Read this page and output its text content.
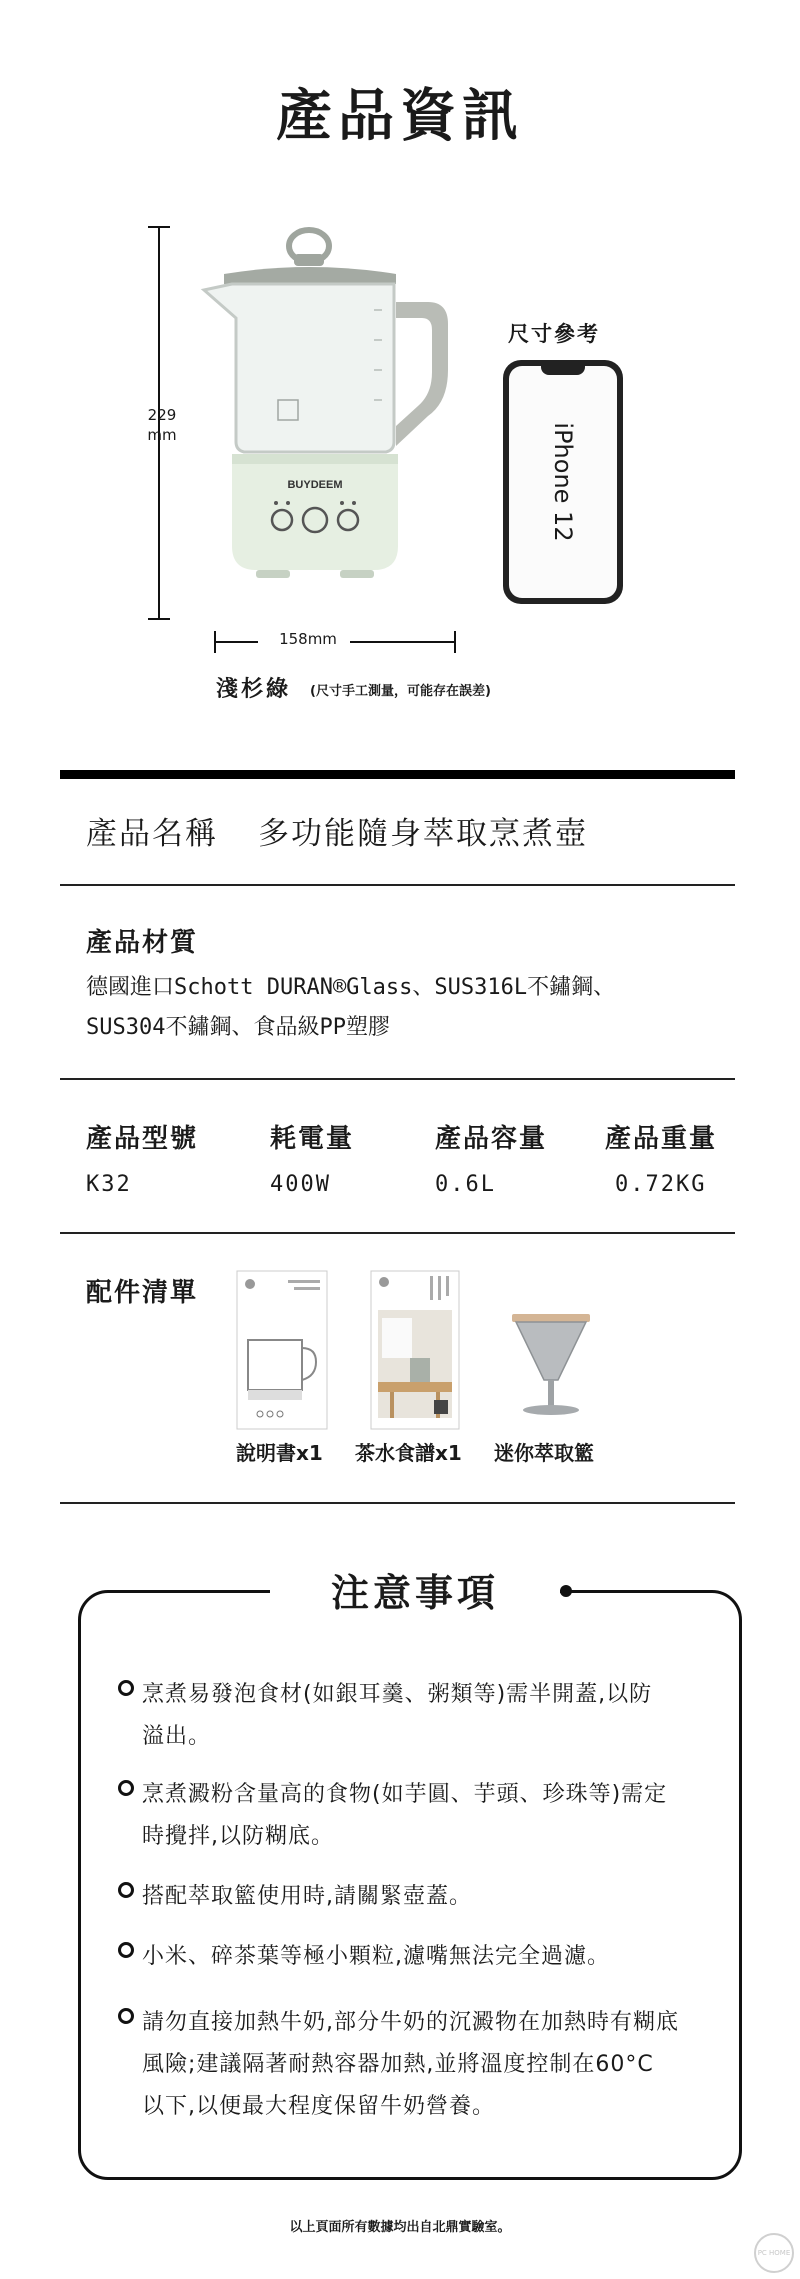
產品資訊
229
mm
158mm
BUYDEEM
尺寸參考
iPhone 12
淺杉綠 (尺寸手工測量，可能存在誤差)
產品名稱 多功能隨身萃取烹煮壺
產品材質
德國進口Schott DURAN®Glass、SUS316L不鏽鋼、
SUS304不鏽鋼、食品級PP塑膠
產品型號
K32
耗電量
400W
產品容量
0.6L
產品重量
0.72KG
配件清單
說明書x1 茶水食譜x1 迷你萃取籃
注意事項
烹煮易發泡食材(如銀耳羹、粥類等)需半開蓋,以防
溢出。
烹煮澱粉含量高的食物(如芋圓、芋頭、珍珠等)需定
時攪拌,以防糊底。
搭配萃取籃使用時,請關緊壺蓋。
小米、碎茶葉等極小顆粒,濾嘴無法完全過濾。
請勿直接加熱牛奶,部分牛奶的沉澱物在加熱時有糊底
風險;建議隔著耐熱容器加熱,並將溫度控制在60°C
以下,以便最大程度保留牛奶營養。
以上頁面所有數據均出自北鼎實驗室。
PC HOME
